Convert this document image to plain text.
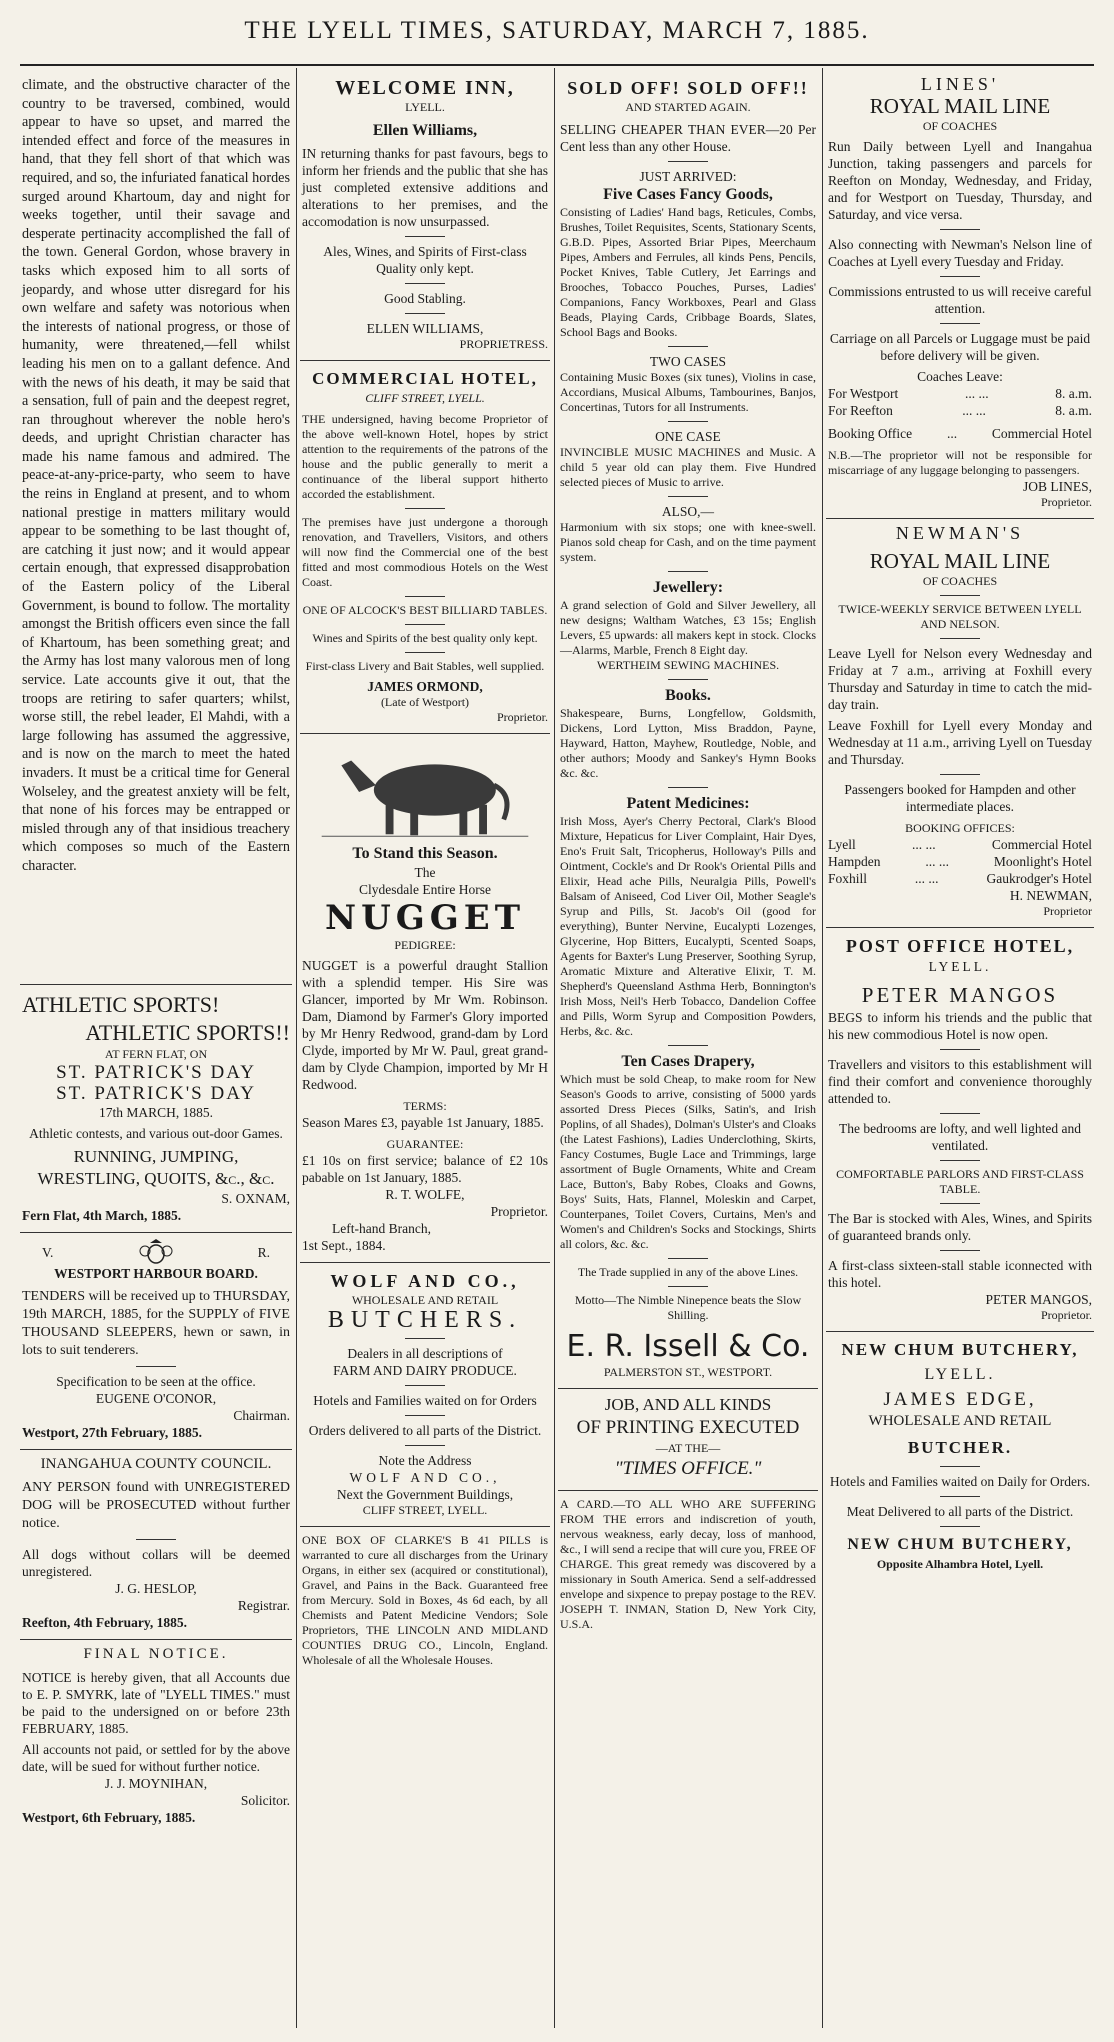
THE LYELL TIMES, SATURDAY, MARCH 7, 1885.
climate, and the obstructive character of the country to be traversed, combined, would appear to have so upset, and marred the intended effect and force of the measures in hand, that they fell short of that which was required, and so, the infuriated fanatical hordes surged around Khartoum, day and night for weeks together, until their savage and desperate pertinacity accomplished the fall of the town. General Gordon, whose bravery in tasks which exposed him to all sorts of jeopardy, and whose utter disregard for his own welfare and safety was notorious when the interests of national progress, or those of humanity, were threatened,—fell whilst leading his men on to a gallant defence. And with the news of his death, it may be said that a sensation, full of pain and the deepest regret, ran throughout wherever the noble hero's deeds, and upright Christian character has made his name famous and admired. The peace-at-any-price-party, who seem to have the reins in England at present, and to whom national prestige in matters military would appear to be something to be last thought of, are catching it just now; and it would appear certain enough, that expressed disapprobation of the Eastern policy of the Liberal Government, is bound to follow. The mortality amongst the British officers even since the fall of Khartoum, has been something great; and the Army has lost many valorous men of long service. Late accounts give it out, that the troops are retiring to safer quarters; whilst, worse still, the rebel leader, El Mahdi, with a large following has assumed the aggressive, and is now on the march to meet the hated invaders. It must be a critical time for General Wolseley, and the greatest anxiety will be felt, that none of his forces may be entrapped or misled through any of that insidious treachery which composes so much of the Eastern character.
ATHLETIC SPORTS!
ATHLETIC SPORTS!!
AT FERN FLAT, ON
ST. PATRICK'S DAY
ST. PATRICK'S DAY
17th MARCH, 1885.
Athletic contests, and various out-door Games.
RUNNING, JUMPING, WRESTLING, QUOITS, &c., &c.
S. OXNAM,
Fern Flat, 4th March, 1885.
V.	R.
WESTPORT HARBOUR BOARD.
TENDERS will be received up to THURSDAY, 19th MARCH, 1885, for the SUPPLY of FIVE THOUSAND SLEEPERS, hewn or sawn, in lots to suit tenderers.
Specification to be seen at the office.
EUGENE O'CONOR,
Chairman.
Westport, 27th February, 1885.
INANGAHUA COUNTY COUNCIL.
ANY PERSON found with UNREGISTERED DOG will be PROSECUTED without further notice.
All dogs without collars will be deemed unregistered.
J. G. HESLOP,
Registrar.
Reefton, 4th February, 1885.
FINAL NOTICE.
NOTICE is hereby given, that all Accounts due to E. P. SMYRK, late of "LYELL TIMES." must be paid to the undersigned on or before 23th FEBRUARY, 1885.
All accounts not paid, or settled for by the above date, will be sued for without further notice.
J. J. MOYNIHAN,
Solicitor.
Westport, 6th February, 1885.
WELCOME INN,
LYELL.
Ellen Williams,
IN returning thanks for past favours, begs to inform her friends and the public that she has just completed extensive additions and alterations to her premises, and the accomodation is now unsurpassed.
Ales, Wines, and Spirits of First-class Quality only kept.
Good Stabling.
ELLEN WILLIAMS,
PROPRIETRESS.
COMMERCIAL HOTEL,
CLIFF STREET, LYELL.
THE undersigned, having become Proprietor of the above well-known Hotel, hopes by strict attention to the requirements of the patrons of the house and the public generally to merit a continuance of the liberal support hitherto accorded the establishment.
The premises have just undergone a thorough renovation, and Travellers, Visitors, and others will now find the Commercial one of the best fitted and most commodious Hotels on the West Coast.
ONE OF ALCOCK'S BEST BILLIARD TABLES.
Wines and Spirits of the best quality only kept.
First-class Livery and Bait Stables, well supplied.
JAMES ORMOND,
(Late of Westport)
Proprietor.
To Stand this Season.
The
Clydesdale Entire Horse
NUGGET
PEDIGREE:
NUGGET is a powerful draught Stallion with a splendid temper. His Sire was Glancer, imported by Mr Wm. Robinson. Dam, Diamond by Farmer's Glory imported by Mr Henry Redwood, grand-dam by Lord Clyde, imported by Mr W. Paul, great grand-dam by Clyde Champion, imported by Mr H Redwood.
TERMS:
Season Mares £3, payable 1st January, 1885.
GUARANTEE:
£1 10s on first service; balance of £2 10s pabable on 1st January, 1885.
R. T. WOLFE,
Proprietor.
Left-hand Branch,
1st Sept., 1884.
WOLF AND CO.,
WHOLESALE AND RETAIL
BUTCHERS.
Dealers in all descriptions of
FARM AND DAIRY PRODUCE.
Hotels and Families waited on for Orders
Orders delivered to all parts of the District.
Note the Address
WOLF AND CO.,
Next the Government Buildings,
CLIFF STREET, LYELL.
ONE BOX OF CLARKE'S B 41 PILLS is warranted to cure all discharges from the Urinary Organs, in either sex (acquired or constitutional), Gravel, and Pains in the Back. Guaranteed free from Mercury. Sold in Boxes, 4s 6d each, by all Chemists and Patent Medicine Vendors; Sole Proprietors, THE LINCOLN AND MIDLAND COUNTIES DRUG CO., Lincoln, England. Wholesale of all the Wholesale Houses.
SOLD OFF! SOLD OFF!!
AND STARTED AGAIN.
SELLING CHEAPER THAN EVER—20 Per Cent less than any other House.
JUST ARRIVED:
Five Cases Fancy Goods,
Consisting of Ladies' Hand bags, Reticules, Combs, Brushes, Toilet Requisites, Scents, Stationary Scents, G.B.D. Pipes, Assorted Briar Pipes, Meerchaum Pipes, Ambers and Ferrules, all kinds Pens, Pencils, Pocket Knives, Table Cutlery, Jet Earrings and Brooches, Tobacco Pouches, Purses, Ladies' Companions, Fancy Workboxes, Pearl and Glass Beads, Playing Cards, Cribbage Boards, Slates, School Bags and Books.
TWO CASES
Containing Music Boxes (six tunes), Violins in case, Accordians, Musical Albums, Tambourines, Banjos, Concertinas, Tutors for all Instruments.
ONE CASE
INVINCIBLE MUSIC MACHINES and Music. A child 5 year old can play them. Five Hundred selected pieces of Music to arrive.
ALSO,—
Harmonium with six stops; one with knee-swell. Pianos sold cheap for Cash, and on the time payment system.
Jewellery:
A grand selection of Gold and Silver Jewellery, all new designs; Waltham Watches, £3 15s; English Levers, £5 upwards: all makers kept in stock. Clocks—Alarms, Marble, French 8 Eight day.
WERTHEIM SEWING MACHINES.
Books.
Shakespeare, Burns, Longfellow, Goldsmith, Dickens, Lord Lytton, Miss Braddon, Payne, Hayward, Hatton, Mayhew, Routledge, Noble, and other authors; Moody and Sankey's Hymn Books &c. &c.
Patent Medicines:
Irish Moss, Ayer's Cherry Pectoral, Clark's Blood Mixture, Hepaticus for Liver Complaint, Hair Dyes, Eno's Fruit Salt, Tricopherus, Holloway's Pills and Ointment, Cockle's and Dr Rook's Oriental Pills and Elixir, Head ache Pills, Neuralgia Pills, Powell's Balsam of Aniseed, Cod Liver Oil, Mother Seagle's Syrup and Pills, St. Jacob's Oil (good for everything), Bunter Nervine, Eucalypti Lozenges, Glycerine, Hop Bitters, Eucalypti, Scented Soaps, Agents for Baxter's Lung Preserver, Soothing Syrup, Aromatic Mixture and Alterative Elixir, T. M. Shepherd's Queensland Asthma Herb, Bonnington's Irish Moss, Neil's Herb Tobacco, Dandelion Coffee and Pills, Worm Syrup and Composition Powders, Herbs, &c. &c.
Ten Cases Drapery,
Which must be sold Cheap, to make room for New Season's Goods to arrive, consisting of 5000 yards assorted Dress Pieces (Silks, Satin's, and Irish Poplins, of all Shades), Dolman's Ulster's and Cloaks (the Latest Fashions), Ladies Underclothing, Skirts, Fancy Costumes, Bugle Lace and Trimmings, large assortment of Bugle Ornaments, White and Cream Lace, Button's, Baby Robes, Cloaks and Gowns, Boys' Suits, Hats, Flannel, Moleskin and Carpet, Counterpanes, Toilet Covers, Curtains, Men's and Women's and Children's Socks and Stockings, Shirts all colors, &c. &c.
The Trade supplied in any of the above Lines.
Motto—The Nimble Ninepence beats the Slow Shilling.
E. R. Issell & Co.
PALMERSTON ST., WESTPORT.
JOB, AND ALL KINDS
OF PRINTING EXECUTED
—AT THE—
"TIMES OFFICE."
A CARD.—TO ALL WHO ARE SUFFERING FROM THE errors and indiscretion of youth, nervous weakness, early decay, loss of manhood, &c., I will send a recipe that will cure you, FREE OF CHARGE. This great remedy was discovered by a missionary in South America. Send a self-addressed envelope and sixpence to prepay postage to the REV. JOSEPH T. INMAN, Station D, New York City, U.S.A.
LINES'
ROYAL MAIL LINE
OF COACHES
Run Daily between Lyell and Inangahua Junction, taking passengers and parcels for Reefton on Monday, Wednesday, and Friday, and for Westport on Tuesday, Thursday, and Saturday, and vice versa.
Also connecting with Newman's Nelson line of Coaches at Lyell every Tuesday and Friday.
Commissions entrusted to us will receive careful attention.
Carriage on all Parcels or Luggage must be paid before delivery will be given.
Coaches Leave:
For Westport	... ...	8. a.m.
For Reefton	... ...	8. a.m.
Booking Office	...	Commercial Hotel
N.B.—The proprietor will not be responsible for miscarriage of any luggage belonging to passengers.
JOB LINES,
Proprietor.
NEWMAN'S
ROYAL MAIL LINE
OF COACHES
TWICE-WEEKLY SERVICE BETWEEN LYELL AND NELSON.
Leave Lyell for Nelson every Wednesday and Friday at 7 a.m., arriving at Foxhill every Thursday and Saturday in time to catch the mid-day train.
Leave Foxhill for Lyell every Monday and Wednesday at 11 a.m., arriving Lyell on Tuesday and Thursday.
Passengers booked for Hampden and other intermediate places.
BOOKING OFFICES:
Lyell	... ...	Commercial Hotel
Hampden	... ...	Moonlight's Hotel
Foxhill	... ...	Gaukrodger's Hotel
H. NEWMAN,
Proprietor
POST OFFICE HOTEL,
LYELL.
PETER MANGOS
BEGS to inform his triends and the public that his new commodious Hotel is now open.
Travellers and visitors to this establishment will find their comfort and convenience thoroughly attended to.
The bedrooms are lofty, and well lighted and ventilated.
COMFORTABLE PARLORS AND FIRST-CLASS TABLE.
The Bar is stocked with Ales, Wines, and Spirits of guaranteed brands only.
A first-class sixteen-stall stable iconnected with this hotel.
PETER MANGOS,
Proprietor.
NEW CHUM BUTCHERY,
LYELL.
JAMES EDGE,
WHOLESALE AND RETAIL
BUTCHER.
Hotels and Families waited on Daily for Orders.
Meat Delivered to all parts of the District.
NEW CHUM BUTCHERY,
Opposite Alhambra Hotel, Lyell.
